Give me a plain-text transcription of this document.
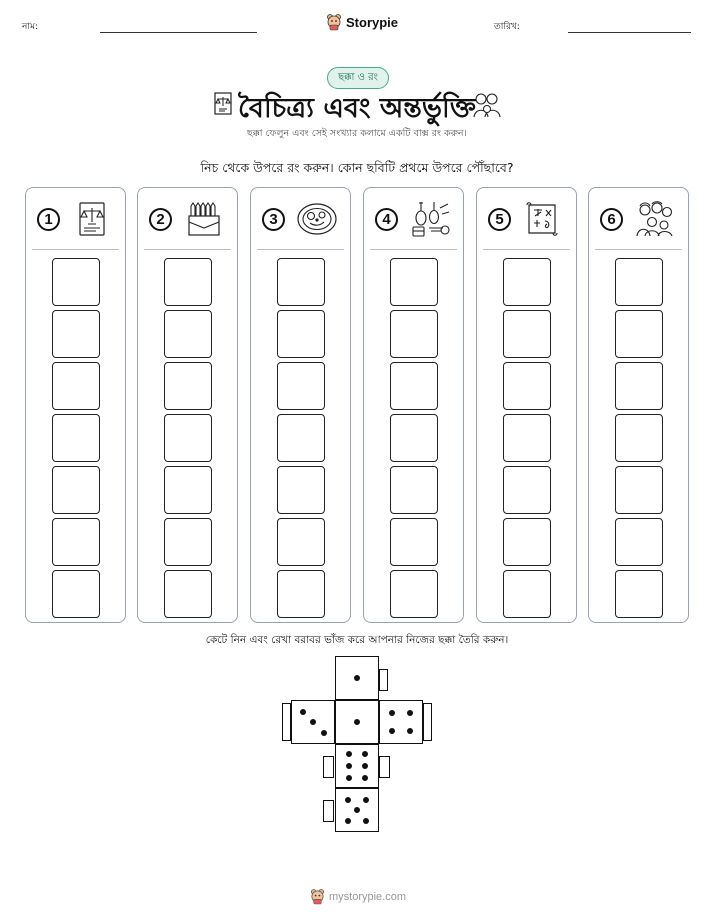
নাম:	Storypie	তারিখ:
ছক্কা ও রং
বৈচিত্র্য এবং অন্তর্ভুক্তি
ছক্কা ফেলুন এবং সেই সংখ্যার কলামে একটি বাক্স রং করুন।
নিচ থেকে উপরে রং করুন। কোন ছবিটি প্রথমে উপরে পৌঁছাবে?
1	2	3	4	5	6
কেটে নিন এবং রেখা বরাবর ভাঁজ করে আপনার নিজের ছক্কা তৈরি করুন।
mystorypie.com
